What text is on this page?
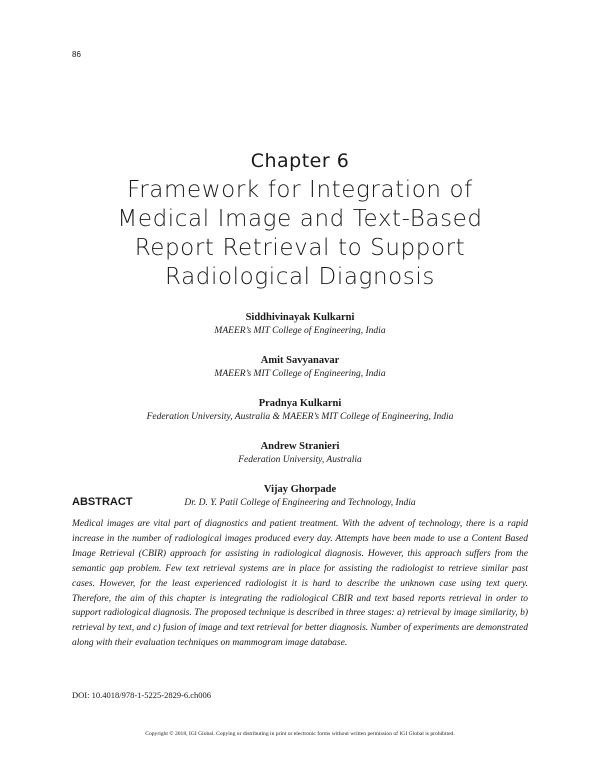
86
Chapter 6
Framework for Integration of
Medical Image and Text-Based
Report Retrieval to Support
Radiological Diagnosis
Siddhivinayak Kulkarni
MAEER’s MIT College of Engineering, India
Amit Savyanavar
MAEER’s MIT College of Engineering, India
Pradnya Kulkarni
Federation University, Australia & MAEER’s MIT College of Engineering, India
Andrew Stranieri
Federation University, Australia
Vijay Ghorpade
Dr. D. Y. Patil College of Engineering and Technology, India
ABSTRACT
Medical images are vital part of diagnostics and patient treatment. With the advent of technology, there is a rapid increase in the number of radiological images produced every day. Attempts have been made to use a Content Based Image Retrieval (CBIR) approach for assisting in radiological diagnosis. However, this approach suffers from the semantic gap problem. Few text retrieval systems are in place for assisting the radiologist to retrieve similar past cases. However, for the least experienced radiologist it is hard to describe the unknown case using text query. Therefore, the aim of this chapter is integrating the radiological CBIR and text based reports retrieval in order to support radiological diagnosis. The proposed technique is described in three stages: a) retrieval by image similarity, b) retrieval by text, and c) fusion of image and text retrieval for better diagnosis. Number of experiments are demonstrated along with their evaluation techniques on mammogram image database.
DOI: 10.4018/978-1-5225-2829-6.ch006
Copyright © 2018, IGI Global. Copying or distributing in print or electronic forms without written permission of IGI Global is prohibited.
